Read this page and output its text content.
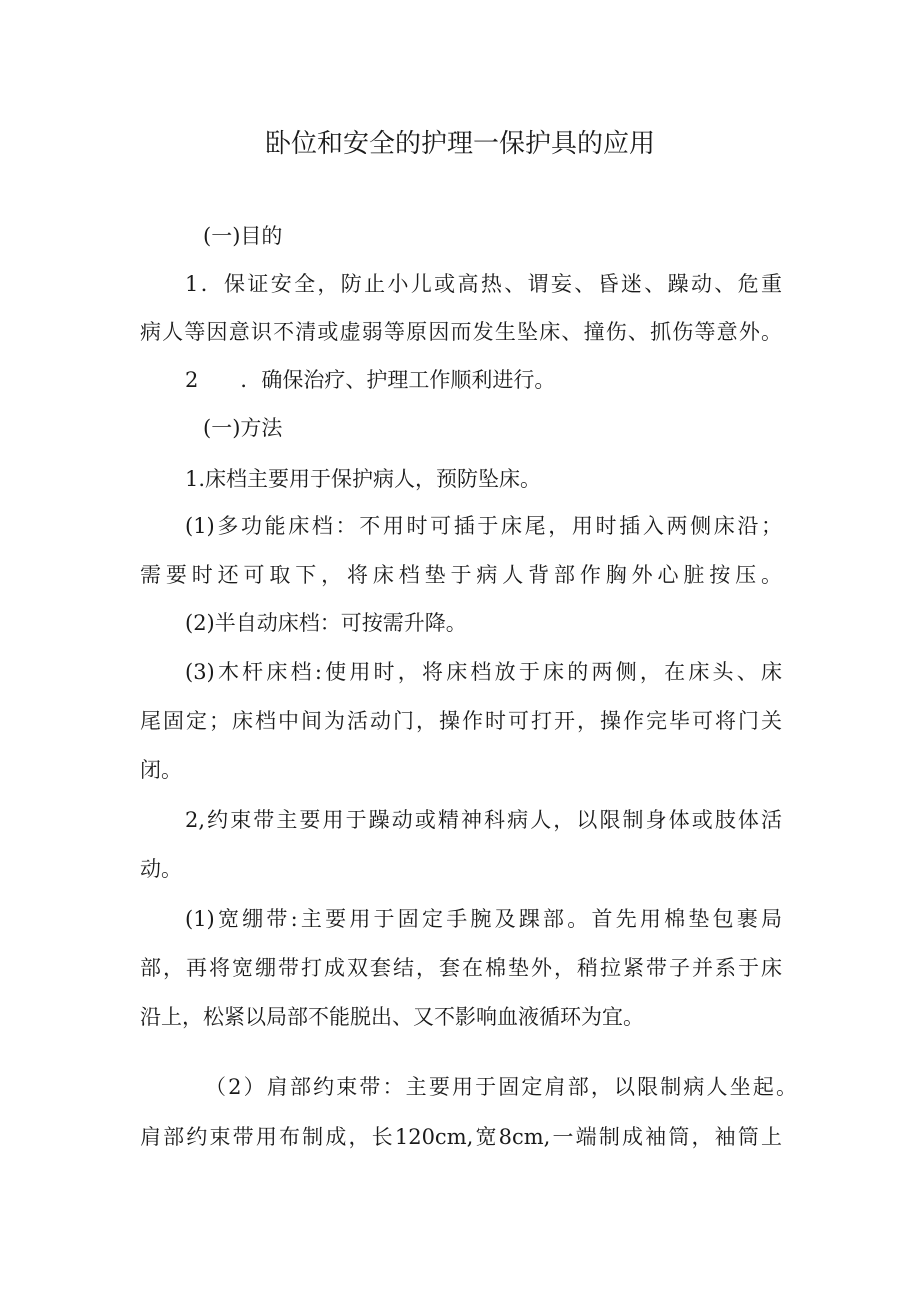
卧位和安全的护理一保护具的应用

(一)目的

1．保证安全，防止小儿或高热、谓妄、昏迷、躁动、危重

病人等因意识不清或虚弱等原因而发生坠床、撞伤、抓伤等意外。

2　　．确保治疗、护理工作顺利进行。

(一)方法

1.床档主要用于保护病人，预防坠床。

(1)多功能床档：不用时可插于床尾，用时插入两侧床沿；

需要时还可取下，将床档垫于病人背部作胸外心脏按压。

(2)半自动床档：可按需升降。

(3)木杆床档:使用时，将床档放于床的两侧，在床头、床

尾固定；床档中间为活动门，操作时可打开，操作完毕可将门关

闭。

2,约束带主要用于躁动或精神科病人，以限制身体或肢体活

动。

(1)宽绷带:主要用于固定手腕及踝部。首先用棉垫包裹局

部，再将宽绷带打成双套结，套在棉垫外，稍拉紧带子并系于床

沿上，松紧以局部不能脱出、又不影响血液循环为宜。

（2）肩部约束带：主要用于固定肩部，以限制病人坐起。

肩部约束带用布制成，长120cm,宽8cm,一端制成袖筒，袖筒上
